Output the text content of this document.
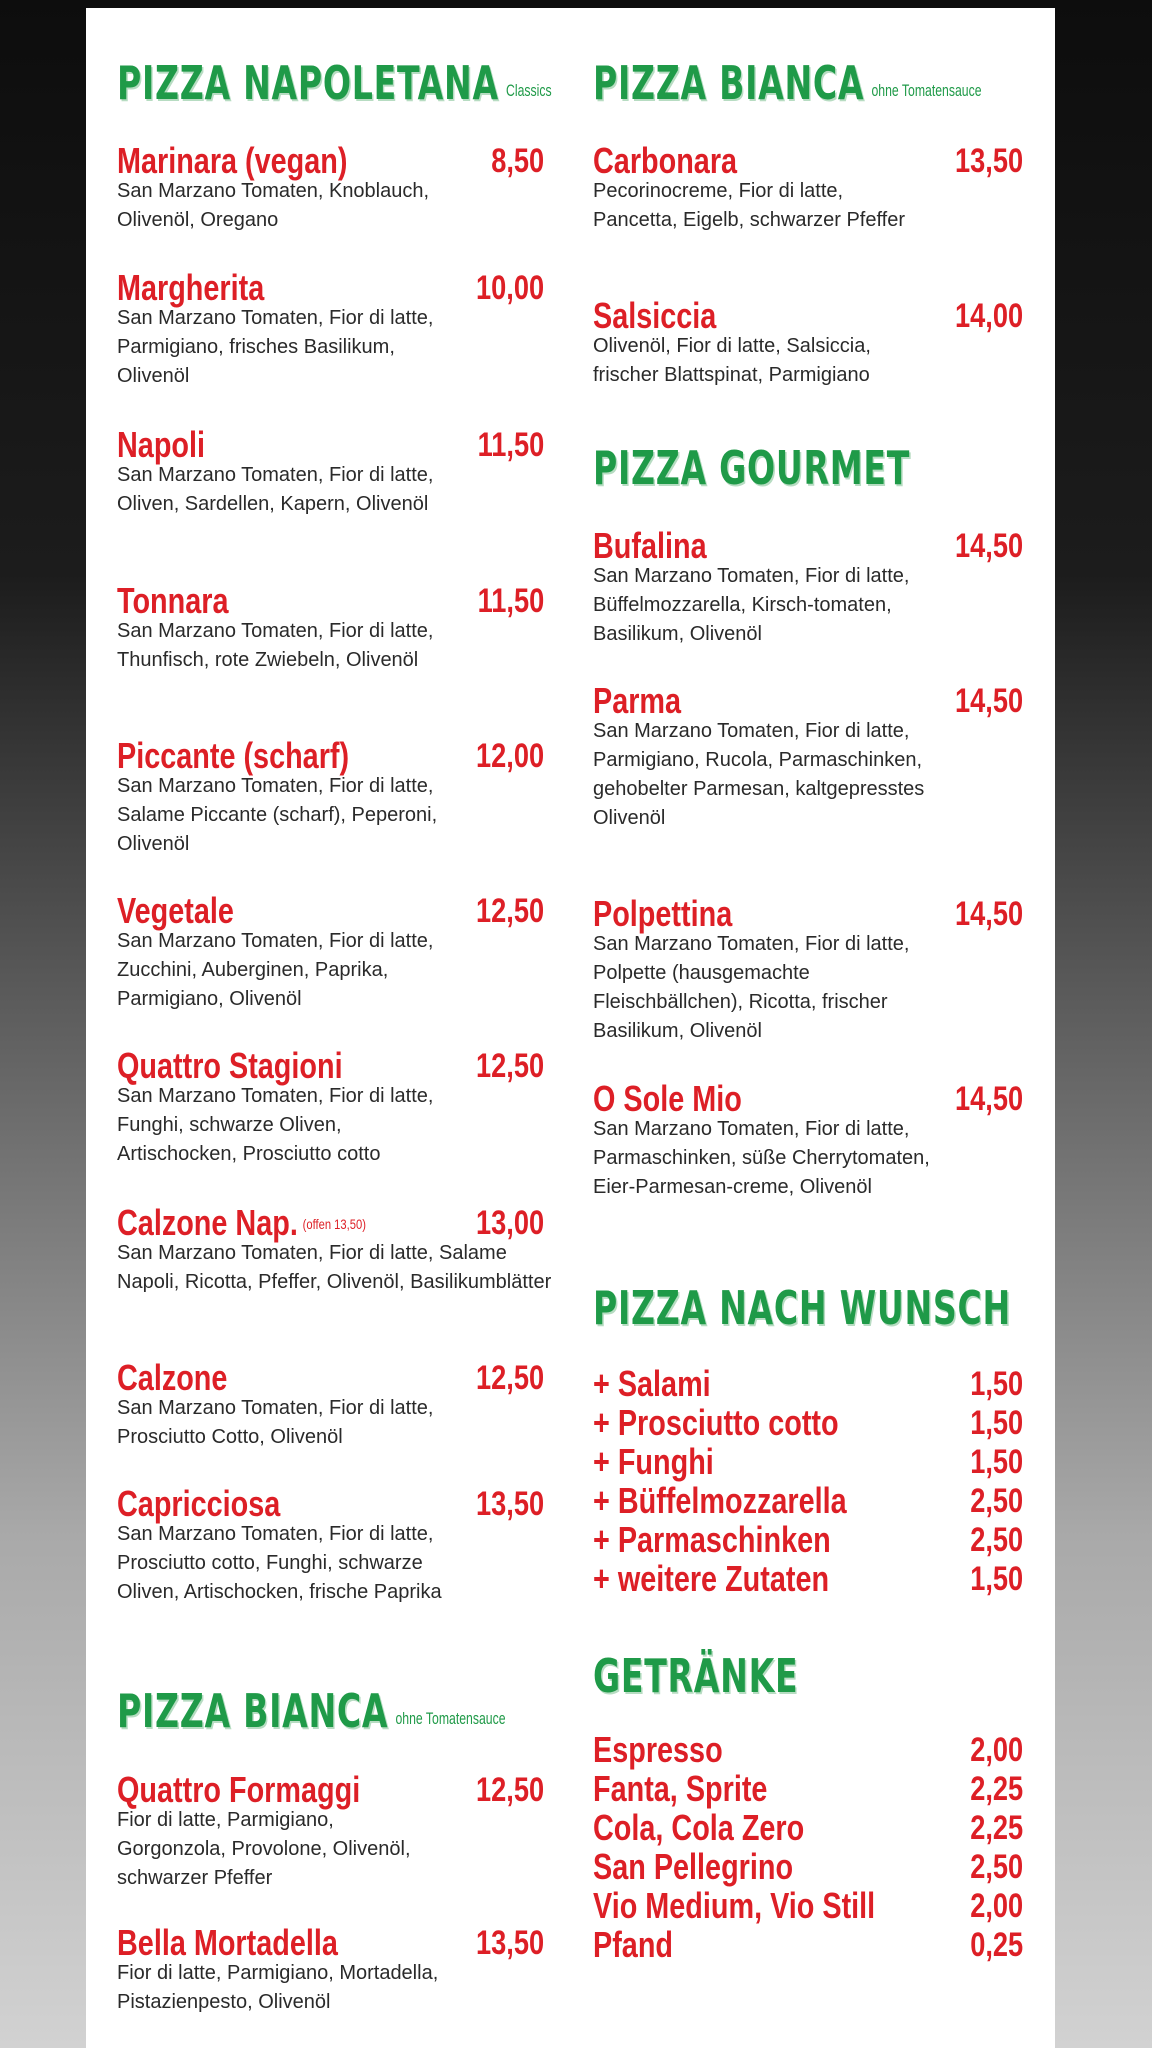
PIZZA NAPOLETANA Classics
Marinara (vegan)	8,50
San Marzano Tomaten, Knoblauch, Olivenöl, Oregano
Margherita	10,00
San Marzano Tomaten, Fior di latte, Parmigiano, frisches Basilikum, Olivenöl
Napoli	11,50
San Marzano Tomaten, Fior di latte, Oliven, Sardellen, Kapern, Olivenöl
Tonnara	11,50
San Marzano Tomaten, Fior di latte, Thunfisch, rote Zwiebeln, Olivenöl
Piccante (scharf)	12,00
San Marzano Tomaten, Fior di latte, Salame Piccante (scharf), Peperoni, Olivenöl
Vegetale	12,50
San Marzano Tomaten, Fior di latte, Zucchini, Auberginen, Paprika, Parmigiano, Olivenöl
Quattro Stagioni	12,50
San Marzano Tomaten, Fior di latte, Funghi, schwarze Oliven, Artischocken, Prosciutto cotto
Calzone Nap. (offen 13,50)	13,00
San Marzano Tomaten, Fior di latte, Salame Napoli, Ricotta, Pfeffer, Olivenöl, Basilikumblätter
Calzone	12,50
San Marzano Tomaten, Fior di latte, Prosciutto Cotto, Olivenöl
Capricciosa	13,50
San Marzano Tomaten, Fior di latte, Prosciutto cotto, Funghi, schwarze Oliven, Artischocken, frische Paprika
PIZZA BIANCA ohne Tomatensauce
Quattro Formaggi	12,50
Fior di latte, Parmigiano, Gorgonzola, Provolone, Olivenöl, schwarzer Pfeffer
Bella Mortadella	13,50
Fior di latte, Parmigiano, Mortadella, Pistazienpesto, Olivenöl
PIZZA BIANCA ohne Tomatensauce
Carbonara	13,50
Pecorinocreme, Fior di latte, Pancetta, Eigelb, schwarzer Pfeffer
Salsiccia	14,00
Olivenöl, Fior di latte, Salsiccia, frischer Blattspinat, Parmigiano
PIZZA GOURMET
Bufalina	14,50
San Marzano Tomaten, Fior di latte, Büffelmozzarella, Kirsch-tomaten, Basilikum, Olivenöl
Parma	14,50
San Marzano Tomaten, Fior di latte, Parmigiano, Rucola, Parmaschinken, gehobelter Parmesan, kaltgepresstes Olivenöl
Polpettina	14,50
San Marzano Tomaten, Fior di latte, Polpette (hausgemachte Fleischbällchen), Ricotta, frischer Basilikum, Olivenöl
O Sole Mio	14,50
San Marzano Tomaten, Fior di latte, Parmaschinken, süße Cherrytomaten, Eier-Parmesan-creme, Olivenöl
PIZZA NACH WUNSCH
+ Salami	1,50
+ Prosciutto cotto	1,50
+ Funghi	1,50
+ Büffelmozzarella	2,50
+ Parmaschinken	2,50
+ weitere Zutaten	1,50
GETRÄNKE
Espresso	2,00
Fanta, Sprite	2,25
Cola, Cola Zero	2,25
San Pellegrino	2,50
Vio Medium, Vio Still	2,00
Pfand	0,25
